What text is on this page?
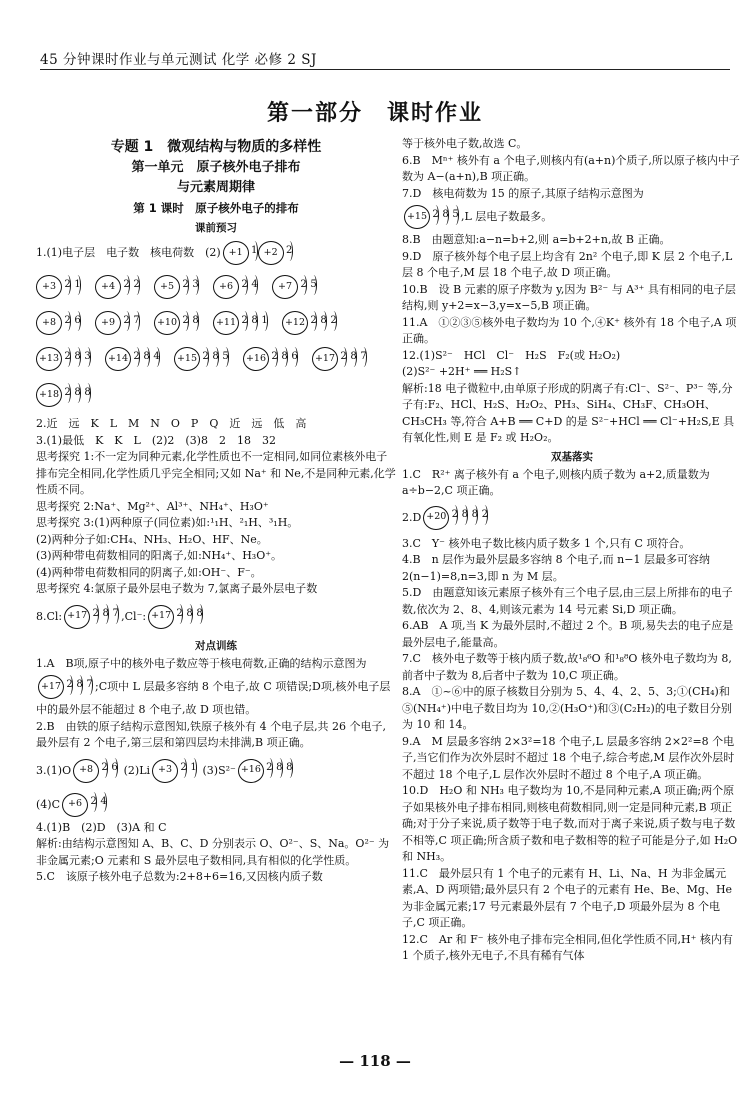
45 分钟课时作业与单元测试 化学 必修 2 SJ
第一部分　课时作业

专题 1　微观结构与物质的多样性

第一单元　原子核外电子排布

与元素周期律

第 1 课时　原子核外电子的排布

课前预习

1.(1)电子层　电子数　核电荷数　(2) +1 1 +2 2

+3 2 1	+4 2 2	+5 2 3	+6 2 4	+7 2 5
+8 2 6	+9 2 7	+10 2 8	+11 2 8 1	+12 2 8 2
+13 2 8 3	+14 2 8 4	+15 2 8 5	+16 2 8 6	+17 2 8 7
+18 2 8 8

2.近　远　K　L　M　N　O　P　Q　近　远　低　高

3.(1)最低　K　K　L　(2)2　(3)8　2　18　32

思考探究 1:不一定为同种元素,化学性质也不一定相同,如同位素核外电子排布完全相同,化学性质几乎完全相同;又如 Na⁺ 和 Ne,不是同种元素,化学性质不同。

思考探究 2:Na⁺、Mg²⁺、Al³⁺、NH₄⁺、H₃O⁺

思考探究 3:(1)两种原子(同位素)如:¹₁H、²₁H、³₁H。

(2)两种分子如:CH₄、NH₃、H₂O、HF、Ne。

(3)两种带电荷数相同的阳离子,如:NH₄⁺、H₃O⁺。

(4)两种带电荷数相同的阴离子,如:OH⁻、F⁻。

思考探究 4:氯原子最外层电子数为 7,氯离子最外层电子数

8.Cl: +17 2 8 7 ,Cl⁻: +17 2 8 8

对点训练

1.A　B项,原子中的核外电子数应等于核电荷数,正确的结构示意图为
+17 2 8 7 ;C项中 L 层最多容纳 8 个电子,故 C 项错误;D项,核外电子层中的最外层不能超过 8 个电子,故 D 项也错。

2.B　由铁的原子结构示意图知,铁原子核外有 4 个电子层,共 26 个电子,最外层有 2 个电子,第三层和第四层均未排满,B 项正确。

3.(1)O +8 2 6 (2)Li +3 2 1 (3)S²⁻ +16 2 8 8

(4)C +6 2 4

4.(1)B　(2)D　(3)A 和 C

解析:由结构示意图知 A、B、C、D 分别表示 O、O²⁻、S、Na。O²⁻ 为非金属元素;O 元素和 S 最外层电子数相同,具有相似的化学性质。

5.C　该原子核外电子总数为:2+8+6=16,又因核内质子数

等于核外电子数,故选 C。

6.B　Mⁿ⁺ 核外有 a 个电子,则核内有(a+n)个质子,所以原子核内中子数为 A−(a+n),B 项正确。

7.D　核电荷数为 15 的原子,其原子结构示意图为

+15 2 8 5 ,L 层电子数最多。

8.B　由题意知:a−n=b+2,则 a=b+2+n,故 B 正确。

9.D　原子核外每个电子层上均含有 2n² 个电子,即 K 层 2 个电子,L 层 8 个电子,M 层 18 个电子,故 D 项正确。

10.B　设 B 元素的原子序数为 y,因为 B²⁻ 与 A³⁺ 具有相同的电子层结构,则 y+2=x−3,y=x−5,B 项正确。

11.A　①②③⑤核外电子数均为 10 个,④K⁺ 核外有 18 个电子,A 项正确。

12.(1)S²⁻　HCl　Cl⁻　H₂S　F₂(或 H₂O₂)

(2)S²⁻ +2H⁺ ══ H₂S↑

解析:18 电子微粒中,由单原子形成的阴离子有:Cl⁻、S²⁻、P³⁻ 等,分子有:F₂、HCl、H₂S、H₂O₂、PH₃、SiH₄、CH₃F、CH₃OH、CH₃CH₃ 等,符合 A+B ══ C+D 的是 S²⁻+HCl ══ Cl⁻+H₂S,E 具有氧化性,则 E 是 F₂ 或 H₂O₂。

双基落实

1.C　R²⁺ 离子核外有 a 个电子,则核内质子数为 a+2,质量数为 a÷b−2,C 项正确。

2.D +20 2 8 8 2

3.C　Y⁻ 核外电子数比核内质子数多 1 个,只有 C 项符合。

4.B　n 层作为最外层最多容纳 8 个电子,而 n−1 层最多可容纳 2(n−1)=8,n=3,即 n 为 M 层。

5.D　由题意知该元素原子核外有三个电子层,由三层上所排布的电子数,依次为 2、8、4,则该元素为 14 号元素 Si,D 项正确。

6.AB　A 项,当 K 为最外层时,不超过 2 个。B 项,易失去的电子应是最外层电子,能量高。

7.C　核外电子数等于核内质子数,故¹₈⁶O 和¹₈⁸O 核外电子数均为 8,前者中子数为 8,后者中子数为 10,C 项正确。

8.A　①~⑥中的原子核数目分别为 5、4、4、2、5、3;①(CH₄)和⑤(NH₄⁺)中电子数目均为 10,②(H₃O⁺)和③(C₂H₂)的电子数目分别为 10 和 14。

9.A　M 层最多容纳 2×3²=18 个电子,L 层最多容纳 2×2²=8 个电子,当它们作为次外层时不超过 18 个电子,综合考虑,M 层作次外层时不超过 18 个电子,L 层作次外层时不超过 8 个电子,A 项正确。

10.D　H₂O 和 NH₃ 电子数均为 10,不是同种元素,A 项正确;两个原子如果核外电子排布相同,则核电荷数相同,则一定是同种元素,B 项正确;对于分子来说,质子数等于电子数,而对于离子来说,质子数与电子数不相等,C 项正确;所含质子数和电子数相等的粒子可能是分子,如 H₂O 和 NH₃。

11.C　最外层只有 1 个电子的元素有 H、Li、Na、H 为非金属元素,A、D 两项错;最外层只有 2 个电子的元素有 He、Be、Mg、He 为非金属元素;17 号元素最外层有 7 个电子,D 项最外层为 8 个电子,C 项正确。

12.C　Ar 和 F⁻ 核外电子排布完全相同,但化学性质不同,H⁺ 核内有 1 个质子,核外无电子,不具有稀有气体

— 118 —
